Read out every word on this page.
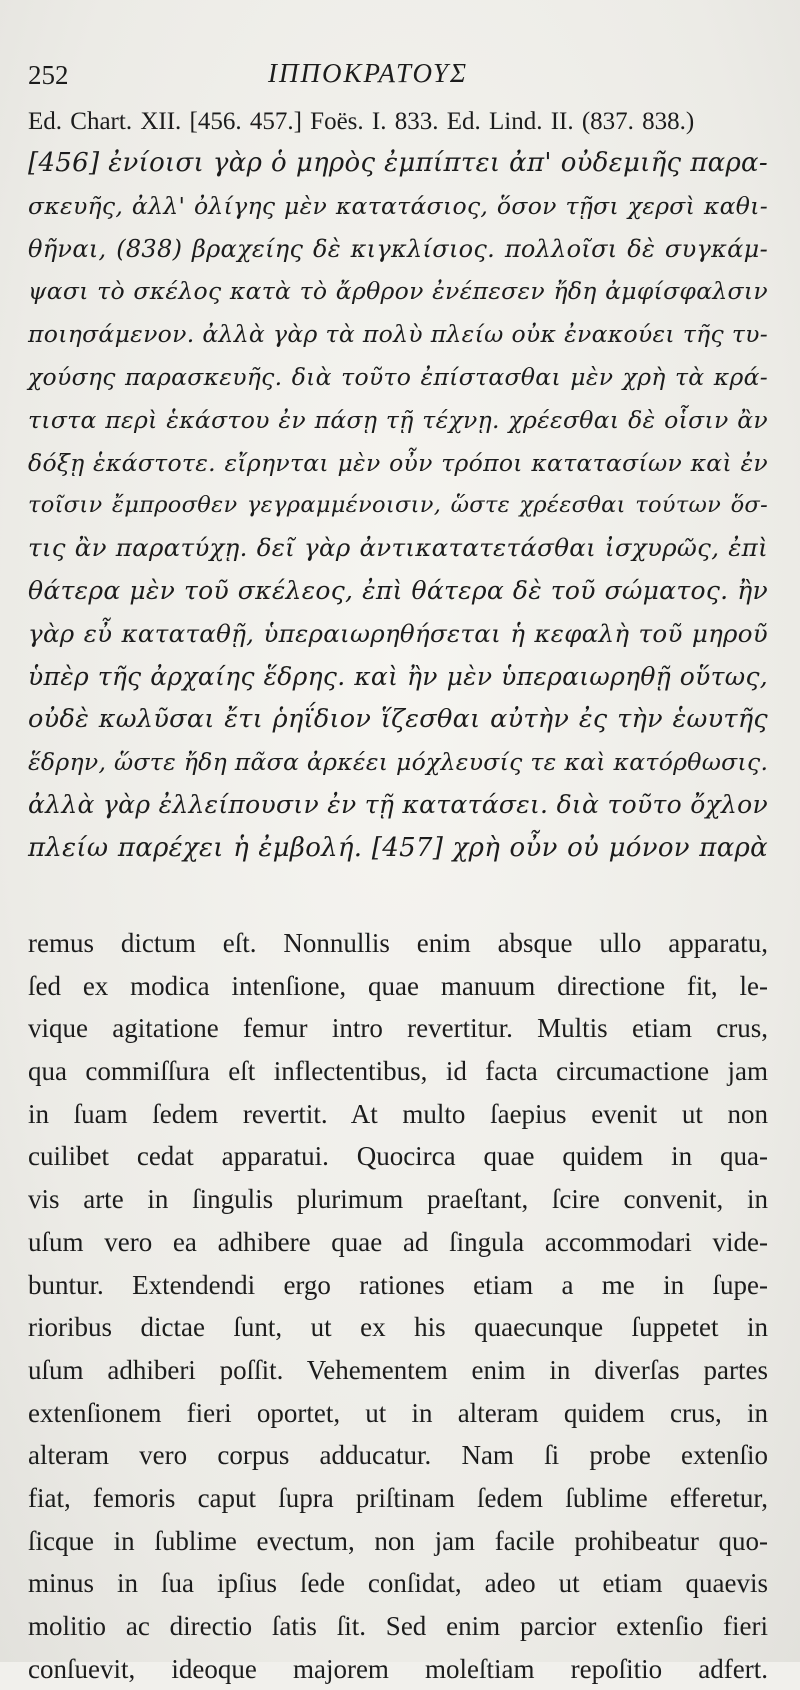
252	ΙΠΠΟΚΡΑΤΟΥΣ
Ed. Chart. XII. [456. 457.] Foës. I. 833. Ed. Lind. II. (837. 838.)
[456] ἐνίοισι γὰρ ὁ μηρὸς ἐμπίπτει ἀπ' οὐδεμιῆς παρα-
σκευῆς, ἀλλ' ὀλίγης μὲν κατατάσιος, ὅσον τῇσι χερσὶ καθι-
θῆναι, (838) βραχείης δὲ κιγκλίσιος. πολλοῖσι δὲ συγκάμ-
ψασι τὸ σκέλος κατὰ τὸ ἄρθρον ἐνέπεσεν ἤδη ἀμφίσφαλσιν
ποιησάμενον. ἀλλὰ γὰρ τὰ πολὺ πλείω οὐκ ἐνακούει τῆς τυ-
χούσης παρασκευῆς. διὰ τοῦτο ἐπίστασθαι μὲν χρὴ τὰ κρά-
τιστα περὶ ἑκάστου ἐν πάσῃ τῇ τέχνῃ. χρέεσθαι δὲ οἷσιν ἂν
δόξῃ ἑκάστοτε. εἴρηνται μὲν οὖν τρόποι κατατασίων καὶ ἐν
τοῖσιν ἔμπροσθεν γεγραμμένοισιν, ὥστε χρέεσθαι τούτων ὅσ-
τις ἂν παρατύχῃ. δεῖ γὰρ ἀντικατατετάσθαι ἰσχυρῶς, ἐπὶ
θάτερα μὲν τοῦ σκέλεος, ἐπὶ θάτερα δὲ τοῦ σώματος. ἢν
γὰρ εὖ καταταθῇ, ὑπεραιωρηθήσεται ἡ κεφαλὴ τοῦ μηροῦ
ὑπὲρ τῆς ἀρχαίης ἕδρης. καὶ ἢν μὲν ὑπεραιωρηθῇ οὕτως,
οὐδὲ κωλῦσαι ἔτι ῥηΐδιον ἵζεσθαι αὐτὴν ἐς τὴν ἑωυτῆς
ἕδρην, ὥστε ἤδη πᾶσα ἀρκέει μόχλευσίς τε καὶ κατόρθωσις.
ἀλλὰ γὰρ ἐλλείπουσιν ἐν τῇ κατατάσει. διὰ τοῦτο ὄχλον
πλείω παρέχει ἡ ἐμβολή. [457] χρὴ οὖν οὐ μόνον παρὰ
remus dictum eſt. Nonnullis enim absque ullo apparatu,
ſed ex modica intenſione, quae manuum directione fit, le-
vique agitatione femur intro revertitur. Multis etiam crus,
qua commiſſura eſt inflectentibus, id facta circumactione jam
in ſuam ſedem revertit. At multo ſaepius evenit ut non
cuilibet cedat apparatui. Quocirca quae quidem in qua-
vis arte in ſingulis plurimum praeſtant, ſcire convenit, in
uſum vero ea adhibere quae ad ſingula accommodari vide-
buntur. Extendendi ergo rationes etiam a me in ſupe-
rioribus dictae ſunt, ut ex his quaecunque ſuppetet in
uſum adhiberi poſſit. Vehementem enim in diverſas partes
extenſionem fieri oportet, ut in alteram quidem crus, in
alteram vero corpus adducatur. Nam ſi probe extenſio
fiat, femoris caput ſupra priſtinam ſedem ſublime efferetur,
ſicque in ſublime evectum, non jam facile prohibeatur quo-
minus in ſua ipſius ſede conſidat, adeo ut etiam quaevis
molitio ac directio ſatis ſit. Sed enim parcior extenſio fieri
conſuevit, ideoque majorem moleſtiam repoſitio adfert.
